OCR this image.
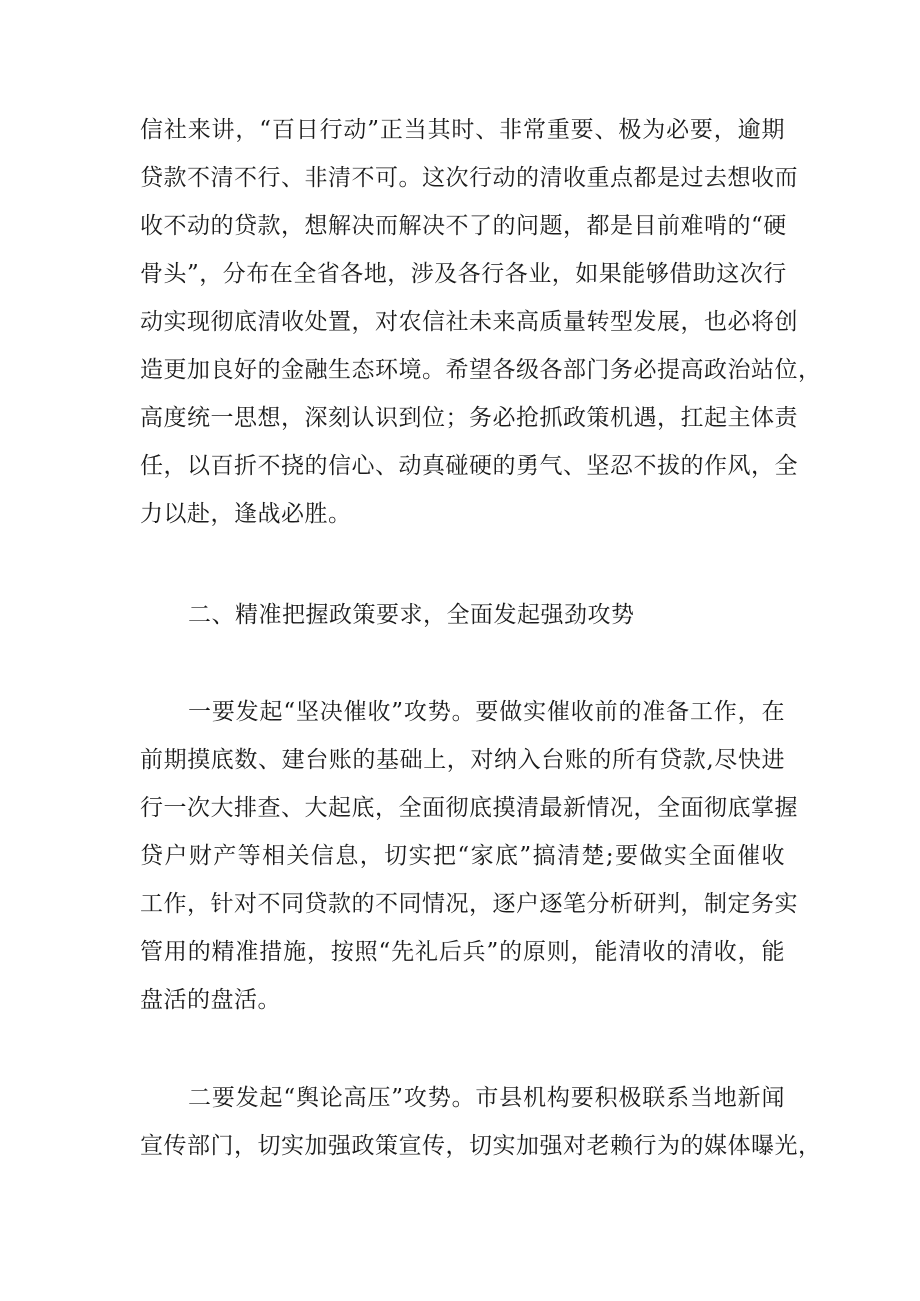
信社来讲，“百日行动”正当其时、非常重要、极为必要，逾期
贷款不清不行、非清不可。这次行动的清收重点都是过去想收而
收不动的贷款，想解决而解决不了的问题，都是目前难啃的“硬
骨头”，分布在全省各地，涉及各行各业，如果能够借助这次行
动实现彻底清收处置，对农信社未来高质量转型发展，也必将创
造更加良好的金融生态环境。希望各级各部门务必提高政治站位，
高度统一思想，深刻认识到位；务必抢抓政策机遇，扛起主体责
任，以百折不挠的信心、动真碰硬的勇气、坚忍不拔的作风，全
力以赴，逢战必胜。
二、精准把握政策要求，全面发起强劲攻势
一要发起“坚决催收”攻势。要做实催收前的准备工作，在
前期摸底数、建台账的基础上，对纳入台账的所有贷款,尽快进
行一次大排查、大起底，全面彻底摸清最新情况，全面彻底掌握
贷户财产等相关信息，切实把“家底”搞清楚;要做实全面催收
工作，针对不同贷款的不同情况，逐户逐笔分析研判，制定务实
管用的精准措施，按照“先礼后兵”的原则，能清收的清收，能
盘活的盘活。
二要发起“舆论高压”攻势。市县机构要积极联系当地新闻
宣传部门，切实加强政策宣传，切实加强对老赖行为的媒体曝光，
